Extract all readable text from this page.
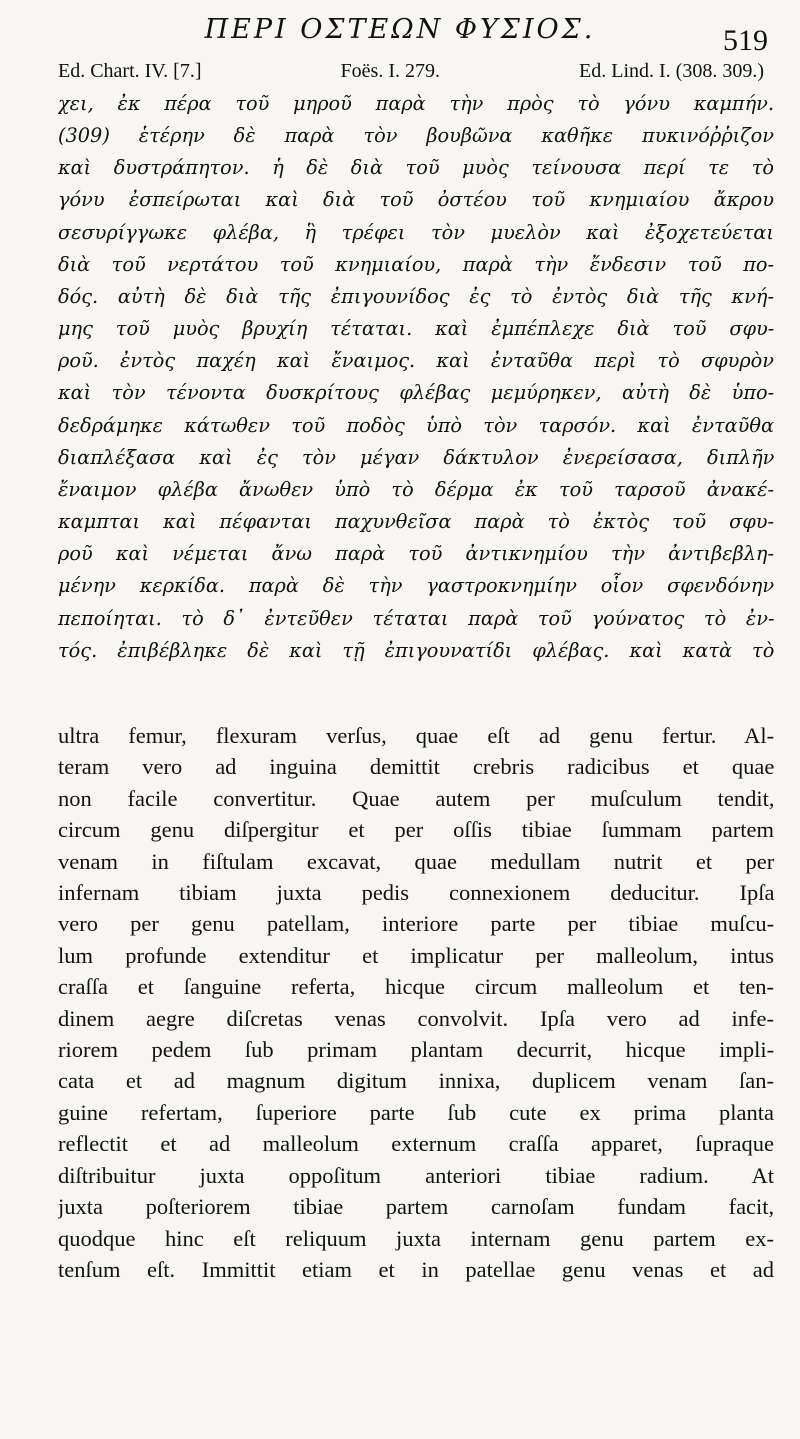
ΠΕΡΙ ΟΣΤΕΩΝ ΦΥΣΙΟΣ.	519
Ed. Chart. IV. [7.]	Foës. I. 279.	Ed. Lind. I. (308. 309.)
χει, ἐκ πέρα τοῦ μηροῦ παρὰ τὴν πρὸς τὸ γόνυ καμπήν.
(309) ἑτέρην δὲ παρὰ τὸν βουβῶνα καθῆκε πυκινόῤῥιζον
καὶ δυστράπητον. ἡ δὲ διὰ τοῦ μυὸς τείνουσα περί τε τὸ
γόνυ ἐσπείρωται καὶ διὰ τοῦ ὀστέου τοῦ κνημιαίου ἄκρου
σεσυρίγγωκε φλέβα, ἣ τρέφει τὸν μυελὸν καὶ ἐξοχετεύεται
διὰ τοῦ νερτάτου τοῦ κνημιαίου, παρὰ τὴν ἔνδεσιν τοῦ πο-
δός. αὐτὴ δὲ διὰ τῆς ἐπιγουνίδος ἐς τὸ ἐντὸς διὰ τῆς κνή-
μης τοῦ μυὸς βρυχίη τέταται. καὶ ἐμπέπλεχε διὰ τοῦ σφυ-
ροῦ. ἐντὸς παχέη καὶ ἔναιμος. καὶ ἐνταῦθα περὶ τὸ σφυρὸν
καὶ τὸν τένοντα δυσκρίτους φλέβας μεμύρηκεν, αὐτὴ δὲ ὑπο-
δεδράμηκε κάτωθεν τοῦ ποδὸς ὑπὸ τὸν ταρσόν. καὶ ἐνταῦθα
διαπλέξασα καὶ ἐς τὸν μέγαν δάκτυλον ἐνερείσασα, διπλῆν
ἔναιμον φλέβα ἄνωθεν ὑπὸ τὸ δέρμα ἐκ τοῦ ταρσοῦ ἀνακέ-
καμπται καὶ πέφανται παχυνθεῖσα παρὰ τὸ ἐκτὸς τοῦ σφυ-
ροῦ καὶ νέμεται ἄνω παρὰ τοῦ ἀντικνημίου τὴν ἀντιβεβλη-
μένην κερκίδα. παρὰ δὲ τὴν γαστροκνημίην οἷον σφενδόνην
πεποίηται. τὸ δ᾽ ἐντεῦθεν τέταται παρὰ τοῦ γούνατος τὸ ἐν-
τός. ἐπιβέβληκε δὲ καὶ τῇ ἐπιγουνατίδι φλέβας. καὶ κατὰ τὸ
ultra femur, flexuram verſus, quae eſt ad genu fertur. Al-
teram vero ad inguina demittit crebris radicibus et quae
non facile convertitur. Quae autem per muſculum tendit,
circum genu diſpergitur et per oſſis tibiae ſummam partem
venam in fiſtulam excavat, quae medullam nutrit et per
infernam tibiam juxta pedis connexionem deducitur. Ipſa
vero per genu patellam, interiore parte per tibiae muſcu-
lum profunde extenditur et implicatur per malleolum, intus
craſſa et ſanguine referta, hicque circum malleolum et ten-
dinem aegre diſcretas venas convolvit. Ipſa vero ad infe-
riorem pedem ſub primam plantam decurrit, hicque impli-
cata et ad magnum digitum innixa, duplicem venam ſan-
guine refertam, ſuperiore parte ſub cute ex prima planta
reflectit et ad malleolum externum craſſa apparet, ſupraque
diſtribuitur juxta oppoſitum anteriori tibiae radium. At
juxta poſteriorem tibiae partem carnoſam fundam facit,
quodque hinc eſt reliquum juxta internam genu partem ex-
tenſum eſt. Immittit etiam et in patellae genu venas et ad
